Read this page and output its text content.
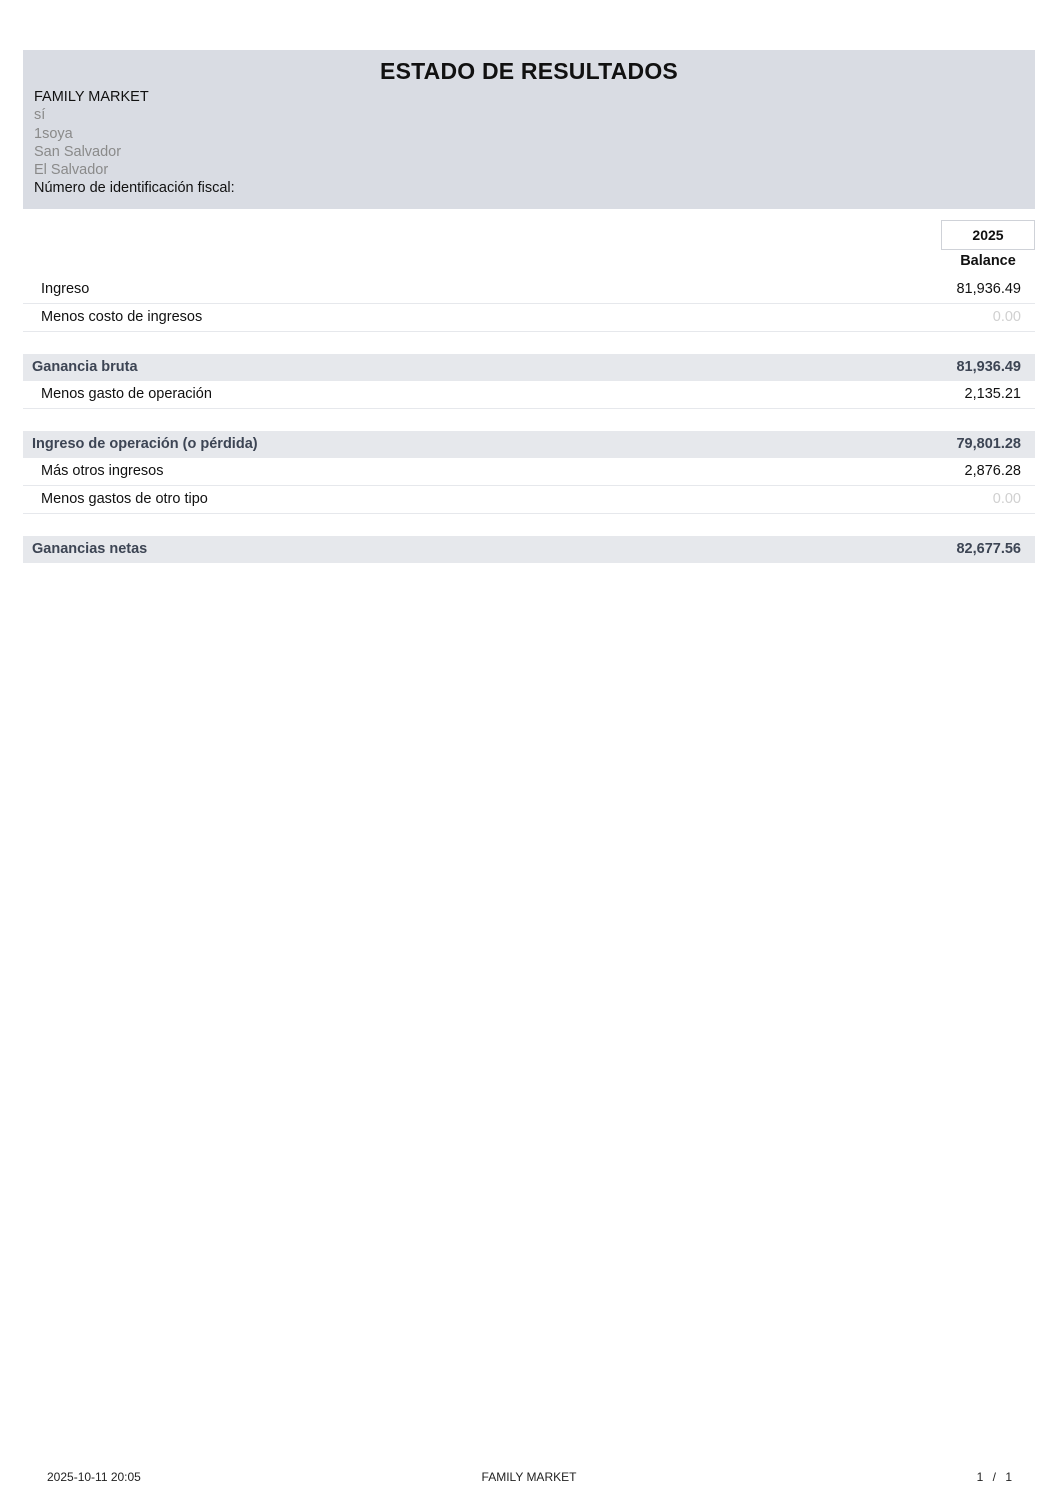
ESTADO DE RESULTADOS
FAMILY MARKET
sí
1soya
San Salvador
El Salvador
Número de identificación fiscal:
2025
Balance
Ingreso	81,936.49
Menos costo de ingresos	0.00
Ganancia bruta	81,936.49
Menos gasto de operación	2,135.21
Ingreso de operación (o pérdida)	79,801.28
Más otros ingresos	2,876.28
Menos gastos de otro tipo	0.00
Ganancias netas	82,677.56
2025-10-11 20:05	FAMILY MARKET	1 / 1
